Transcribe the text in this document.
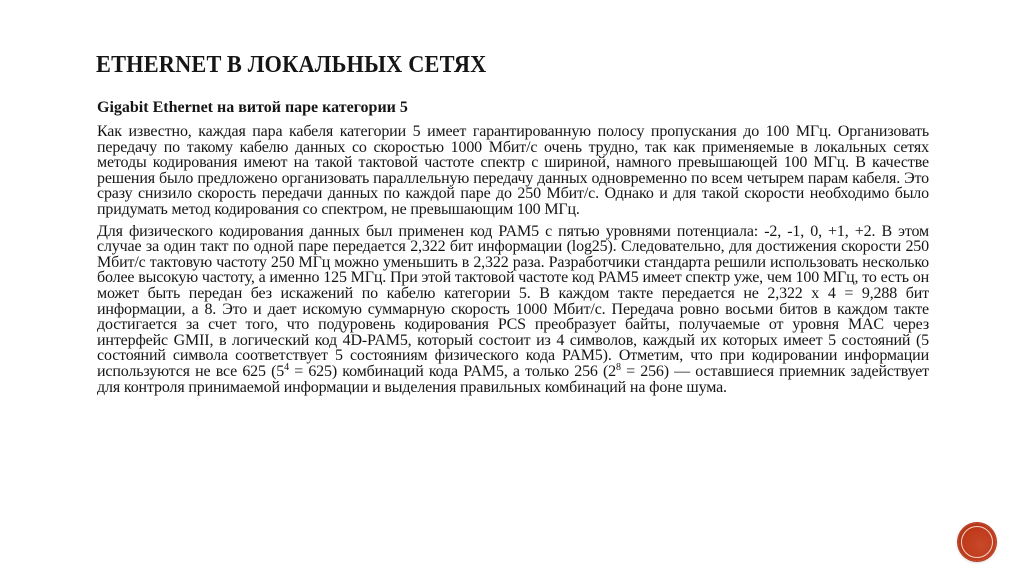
ETHERNET В ЛОКАЛЬНЫХ СЕТЯХ

Gigabit Ethernet на витой паре категории 5

Как известно, каждая пара кабеля категории 5 имеет гарантированную полосу пропускания до 100 МГц. Организовать передачу по такому кабелю данных со скоростью 1000 Мбит/с очень трудно, так как применяемые в локальных сетях методы кодирования имеют на такой тактовой частоте спектр с шириной, намного превышающей 100 МГц. В качестве решения было предложено организовать параллельную передачу данных одновременно по всем четырем парам кабеля. Это сразу снизило скорость передачи данных по каждой паре до 250 Мбит/с. Однако и для такой скорости необходимо было придумать метод кодирования со спектром, не превышающим 100 МГц.

Для физического кодирования данных был применен код PAM5 с пятью уровнями потенциала: -2, -1, 0, +1, +2. В этом случае за один такт по одной паре передается 2,322 бит информации (log25). Следовательно, для достижения скорости 250 Мбит/с тактовую частоту 250 МГц можно уменьшить в 2,322 раза. Разработчики стандарта решили использовать несколько более высокую частоту, а именно 125 МГц. При этой тактовой частоте код PAM5 имеет спектр уже, чем 100 МГц, то есть он может быть передан без искажений по кабелю категории 5. В каждом такте передается не 2,322 x 4 = 9,288 бит информации, а 8. Это и дает искомую суммарную скорость 1000 Мбит/с. Передача ровно восьми битов в каждом такте достигается за счет того, что подуровень кодирования PCS преобразует байты, получаемые от уровня MAC через интерфейс GMII, в логический код 4D-PAM5, который состоит из 4 символов, каждый их которых имеет 5 состояний (5 состояний символа соответствует 5 состояниям физического кода PAM5). Отметим, что при кодировании информации используются не все 625 $(5^4 = 625)$ комбинаций кода PAM5, а только 256 $(2^8 = 256)$ — оставшиеся приемник задействует для контроля принимаемой информации и выделения правильных комбинаций на фоне шума.
